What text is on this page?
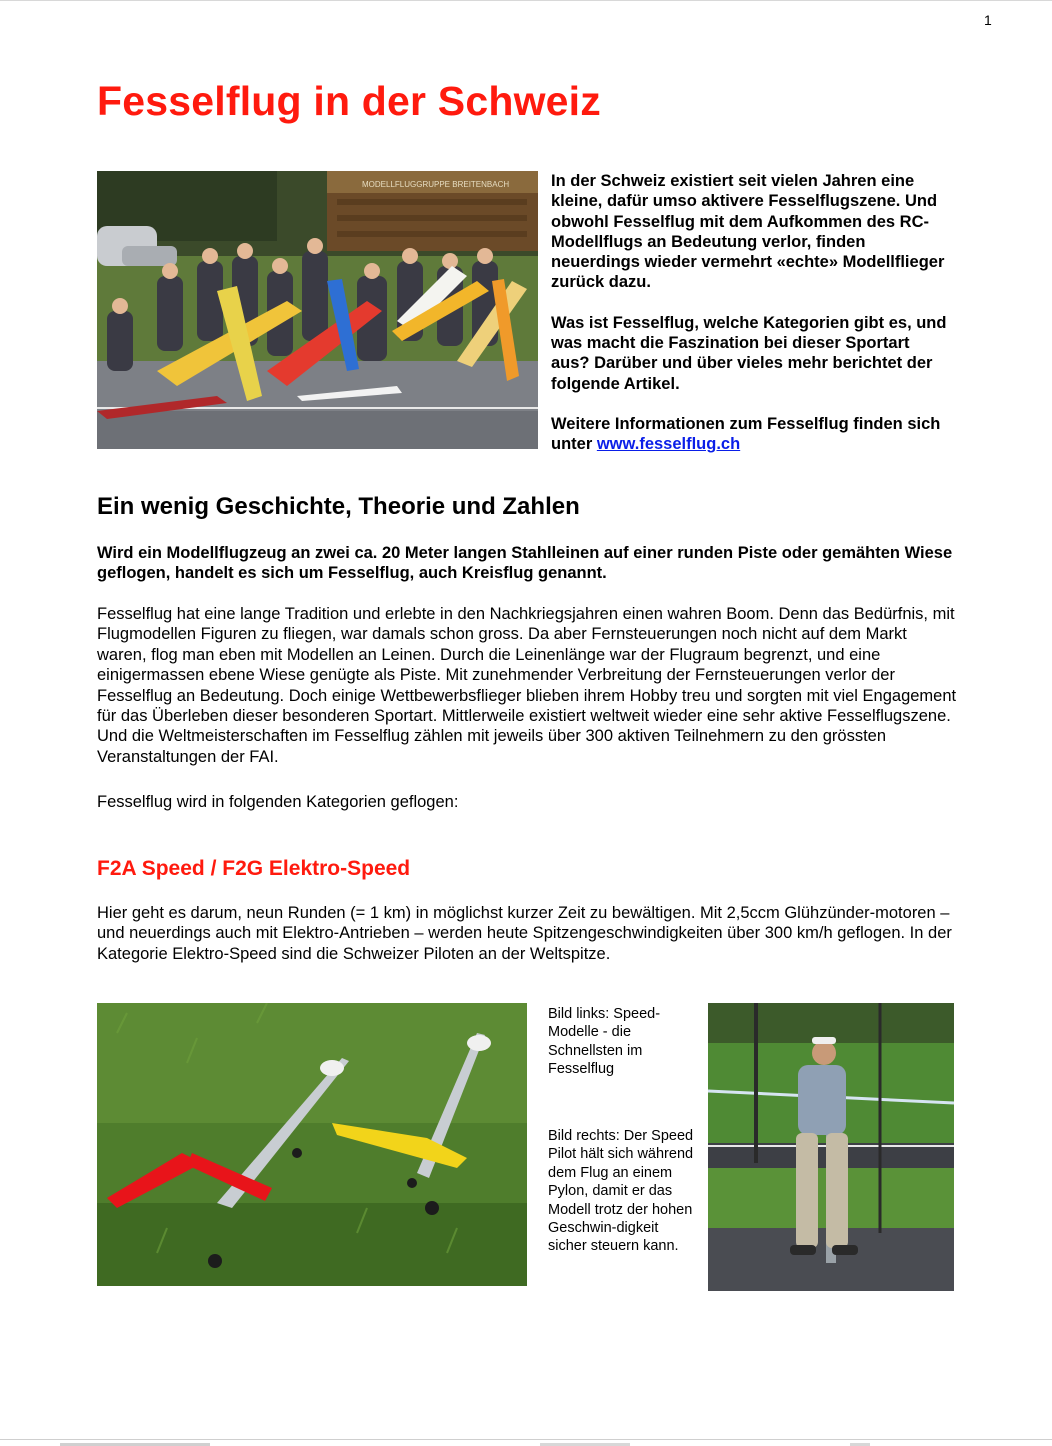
1
Fesselflug in der Schweiz
MODELLFLUGGRUPPE BREITENBACH	In der Schweiz existiert seit vielen Jahren eine kleine, dafür umso aktivere Fesselflugszene. Und obwohl Fesselflug mit dem Aufkommen des RC-Modellflugs an Bedeutung verlor, finden neuerdings wieder vermehrt «echte» Modellflieger zurück dazu.

Was ist Fesselflug, welche Kategorien gibt es, und was macht die Faszination bei dieser Sportart aus? Darüber und über vieles mehr berichtet der folgende Artikel.

Weitere Informationen zum Fesselflug finden sich unter www.fesselflug.ch

Ein wenig Geschichte, Theorie und Zahlen

Wird ein Modellflugzeug an zwei ca. 20 Meter langen Stahlleinen auf einer runden Piste oder gemähten Wiese geflogen, handelt es sich um Fesselflug, auch Kreisflug genannt.

Fesselflug hat eine lange Tradition und erlebte in den Nachkriegsjahren einen wahren Boom. Denn das Bedürfnis, mit Flugmodellen Figuren zu fliegen, war damals schon gross. Da aber Fernsteuerungen noch nicht auf dem Markt waren, flog man eben mit Modellen an Leinen. Durch die Leinenlänge war der Flugraum begrenzt, und eine einigermassen ebene Wiese genügte als Piste. Mit zunehmender Verbreitung der Fernsteuerungen verlor der Fesselflug an Bedeutung. Doch einige Wettbewerbsflieger blieben ihrem Hobby treu und sorgten mit viel Engagement für das Überleben dieser besonderen Sportart. Mittlerweile existiert weltweit wieder eine sehr aktive Fesselflugszene. Und die Weltmeisterschaften im Fesselflug zählen mit jeweils über 300 aktiven Teilnehmern zu den grössten Veranstaltungen der FAI.

Fesselflug wird in folgenden Kategorien geflogen:

F2A Speed / F2G Elektro-Speed

Hier geht es darum, neun Runden (= 1 km) in möglichst kurzer Zeit zu bewältigen. Mit 2,5ccm Glühzünder-motoren – und neuerdings auch mit Elektro-Antrieben – werden heute Spitzengeschwindigkeiten über 300 km/h geflogen. In der Kategorie Elektro-Speed sind die Schweizer Piloten an der Weltspitze.

Bild links: Speed-Modelle - die Schnellsten im Fesselflug

Bild rechts: Der Speed Pilot hält sich während dem Flug an einem Pylon, damit er das Modell trotz der hohen Geschwin-digkeit sicher steuern kann.
